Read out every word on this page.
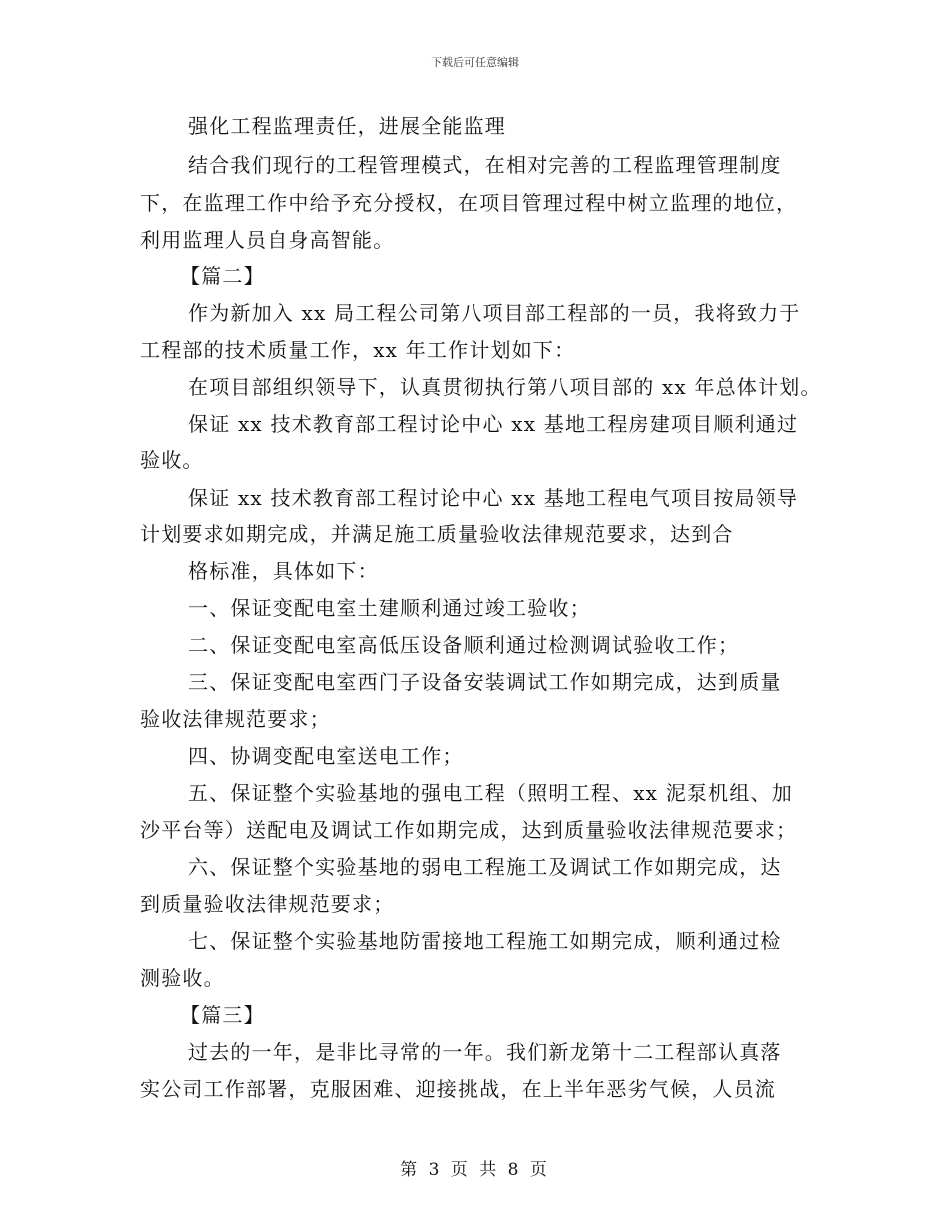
下载后可任意编辑
强化工程监理责任，进展全能监理
结合我们现行的工程管理模式，在相对完善的工程监理管理制度
下，在监理工作中给予充分授权，在项目管理过程中树立监理的地位，
利用监理人员自身高智能。
【篇二】
作为新加入 xx 局工程公司第八项目部工程部的一员，我将致力于
工程部的技术质量工作，xx 年工作计划如下：
在项目部组织领导下，认真贯彻执行第八项目部的 xx 年总体计划。
保证 xx 技术教育部工程讨论中心 xx 基地工程房建项目顺利通过
验收。
保证 xx 技术教育部工程讨论中心 xx 基地工程电气项目按局领导
计划要求如期完成，并满足施工质量验收法律规范要求，达到合
格标准，具体如下：
一、保证变配电室土建顺利通过竣工验收；
二、保证变配电室高低压设备顺利通过检测调试验收工作；
三、保证变配电室西门子设备安装调试工作如期完成，达到质量
验收法律规范要求；
四、协调变配电室送电工作；
五、保证整个实验基地的强电工程（照明工程、xx 泥泵机组、加
沙平台等）送配电及调试工作如期完成，达到质量验收法律规范要求；
六、保证整个实验基地的弱电工程施工及调试工作如期完成，达
到质量验收法律规范要求；
七、保证整个实验基地防雷接地工程施工如期完成，顺利通过检
测验收。
【篇三】
过去的一年，是非比寻常的一年。我们新龙第十二工程部认真落
实公司工作部署，克服困难、迎接挑战，在上半年恶劣气候，人员流
第 3 页 共 8 页
